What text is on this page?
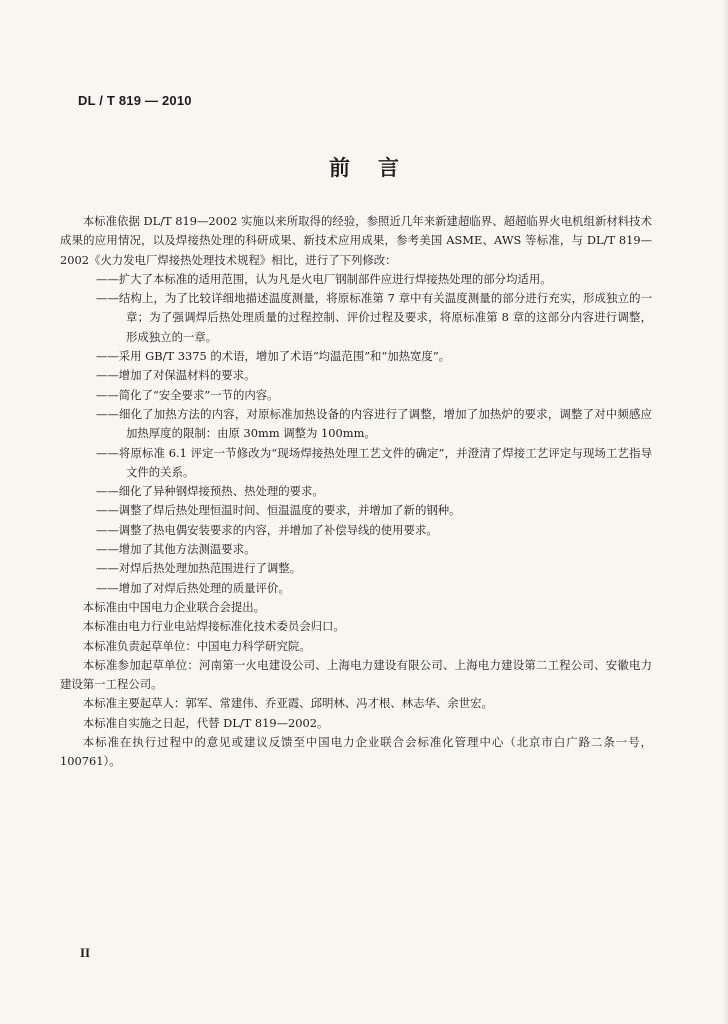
DL / T 819 — 2010
前言

本标准依据 DL/T 819—2002 实施以来所取得的经验，参照近几年来新建超临界、超超临界火电机组新材料技术成果的应用情况，以及焊接热处理的科研成果、新技术应用成果，参考美国 ASME、AWS 等标准，与 DL/T 819—2002《火力发电厂焊接热处理技术规程》相比，进行了下列修改：

——扩大了本标准的适用范围，认为凡是火电厂钢制部件应进行焊接热处理的部分均适用。

——结构上，为了比较详细地描述温度测量，将原标准第 7 章中有关温度测量的部分进行充实，形成独立的一章；为了强调焊后热处理质量的过程控制、评价过程及要求，将原标准第 8 章的这部分内容进行调整，形成独立的一章。

——采用 GB/T 3375 的术语，增加了术语“均温范围”和“加热宽度”。

——增加了对保温材料的要求。

——简化了“安全要求”一节的内容。

——细化了加热方法的内容，对原标准加热设备的内容进行了调整，增加了加热炉的要求，调整了对中频感应加热厚度的限制：由原 30mm 调整为 100mm。

——将原标准 6.1 评定一节修改为“现场焊接热处理工艺文件的确定”，并澄清了焊接工艺评定与现场工艺指导文件的关系。

——细化了异种钢焊接预热、热处理的要求。

——调整了焊后热处理恒温时间、恒温温度的要求，并增加了新的钢种。

——调整了热电偶安装要求的内容，并增加了补偿导线的使用要求。

——增加了其他方法测温要求。

——对焊后热处理加热范围进行了调整。

——增加了对焊后热处理的质量评价。

本标准由中国电力企业联合会提出。

本标准由电力行业电站焊接标准化技术委员会归口。

本标准负责起草单位：中国电力科学研究院。

本标准参加起草单位：河南第一火电建设公司、上海电力建设有限公司、上海电力建设第二工程公司、安徽电力建设第一工程公司。

本标准主要起草人：郭军、常建伟、乔亚霞、邱明林、冯才根、林志华、余世宏。

本标准自实施之日起，代替 DL/T 819—2002。

本标准在执行过程中的意见或建议反馈至中国电力企业联合会标准化管理中心（北京市白广路二条一号，100761）。

II
